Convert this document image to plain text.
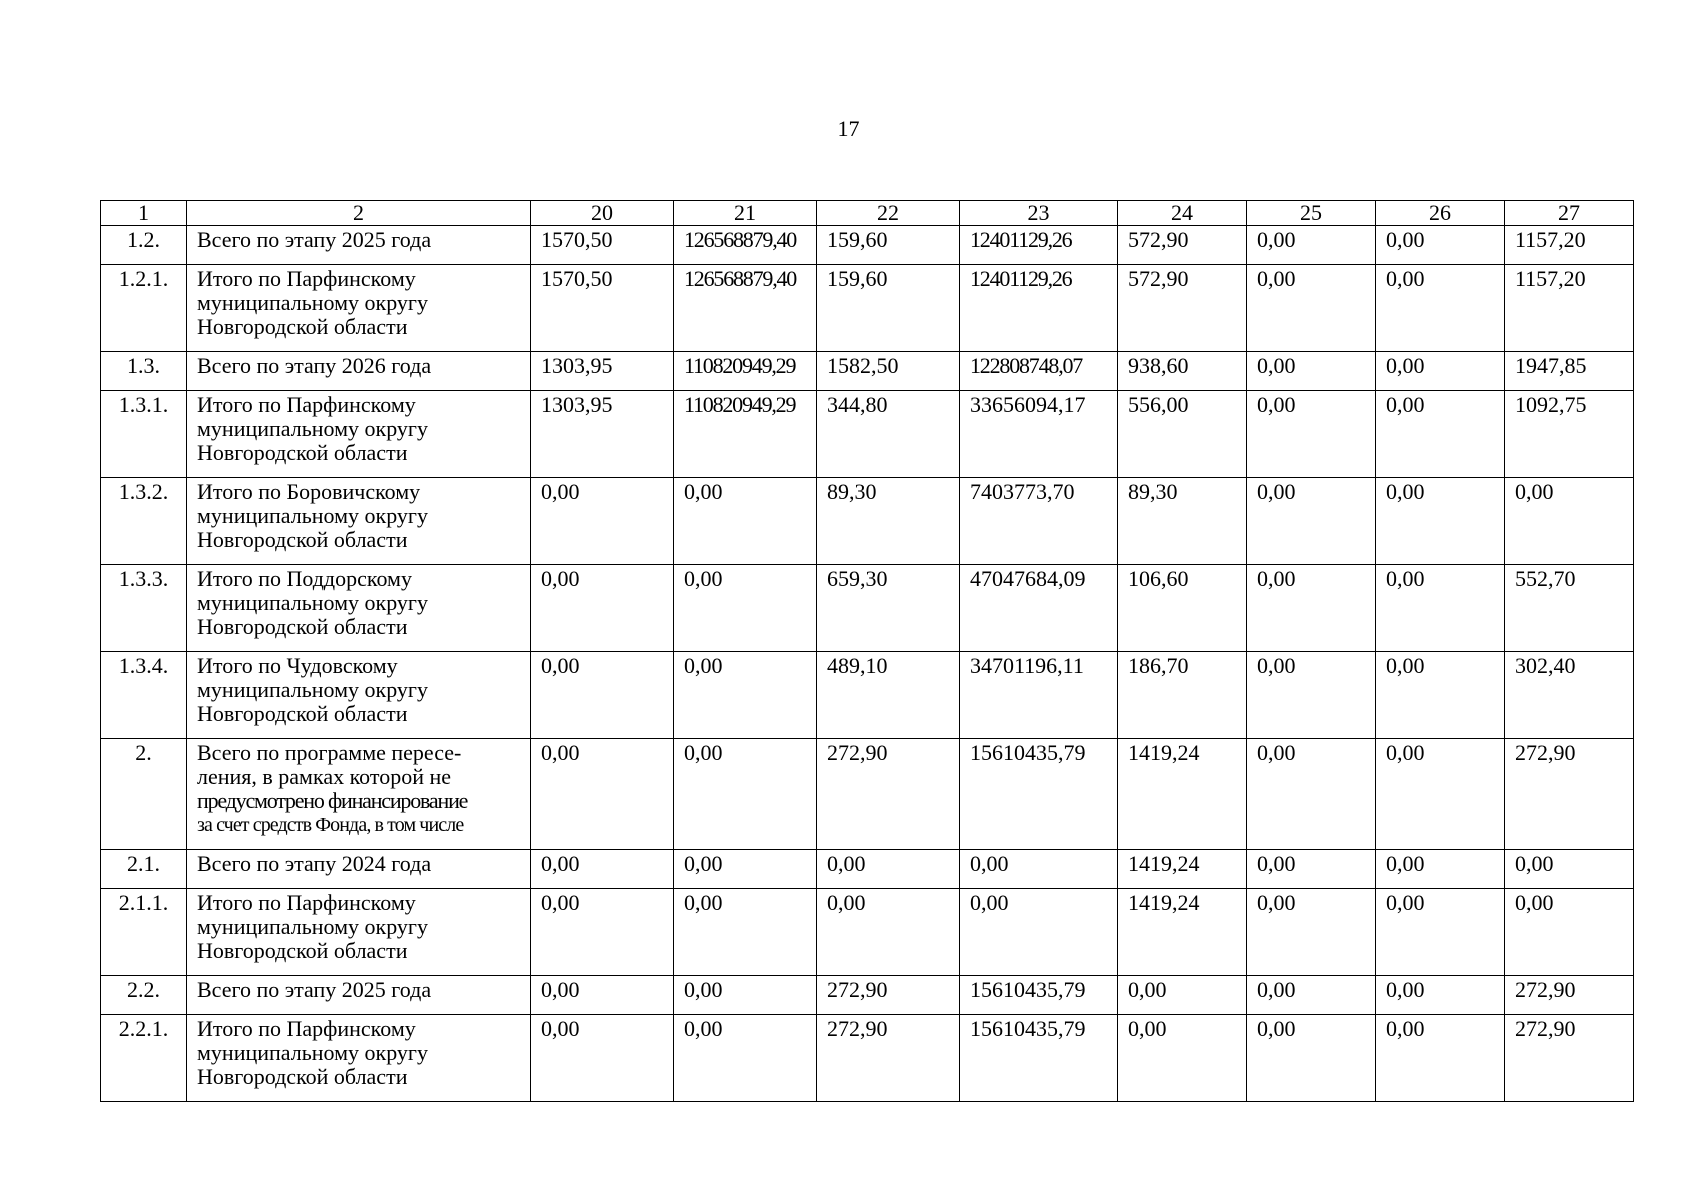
17
1	2	20	21	22	23	24	25	26	27
1.2.	Всего по этапу 2025 года	1570,50	126568879,40	159,60	12401129,26	572,90	0,00	0,00	1157,20
1.2.1.	Итого по Парфинскому
муниципальному округу
Новгородской области	1570,50	126568879,40	159,60	12401129,26	572,90	0,00	0,00	1157,20
1.3.	Всего по этапу 2026 года	1303,95	110820949,29	1582,50	122808748,07	938,60	0,00	0,00	1947,85
1.3.1.	Итого по Парфинскому
муниципальному округу
Новгородской области	1303,95	110820949,29	344,80	33656094,17	556,00	0,00	0,00	1092,75
1.3.2.	Итого по Боровичскому
муниципальному округу
Новгородской области	0,00	0,00	89,30	7403773,70	89,30	0,00	0,00	0,00
1.3.3.	Итого по Поддорскому
муниципальному округу
Новгородской области	0,00	0,00	659,30	47047684,09	106,60	0,00	0,00	552,70
1.3.4.	Итого по Чудовскому
муниципальному округу
Новгородской области	0,00	0,00	489,10	34701196,11	186,70	0,00	0,00	302,40
2.	Всего по программе пересе-
ления, в рамках которой не
предусмотрено финансирование
за счет средств Фонда, в том числе	0,00	0,00	272,90	15610435,79	1419,24	0,00	0,00	272,90
2.1.	Всего по этапу 2024 года	0,00	0,00	0,00	0,00	1419,24	0,00	0,00	0,00
2.1.1.	Итого по Парфинскому
муниципальному округу
Новгородской области	0,00	0,00	0,00	0,00	1419,24	0,00	0,00	0,00
2.2.	Всего по этапу 2025 года	0,00	0,00	272,90	15610435,79	0,00	0,00	0,00	272,90
2.2.1.	Итого по Парфинскому
муниципальному округу
Новгородской области	0,00	0,00	272,90	15610435,79	0,00	0,00	0,00	272,90
